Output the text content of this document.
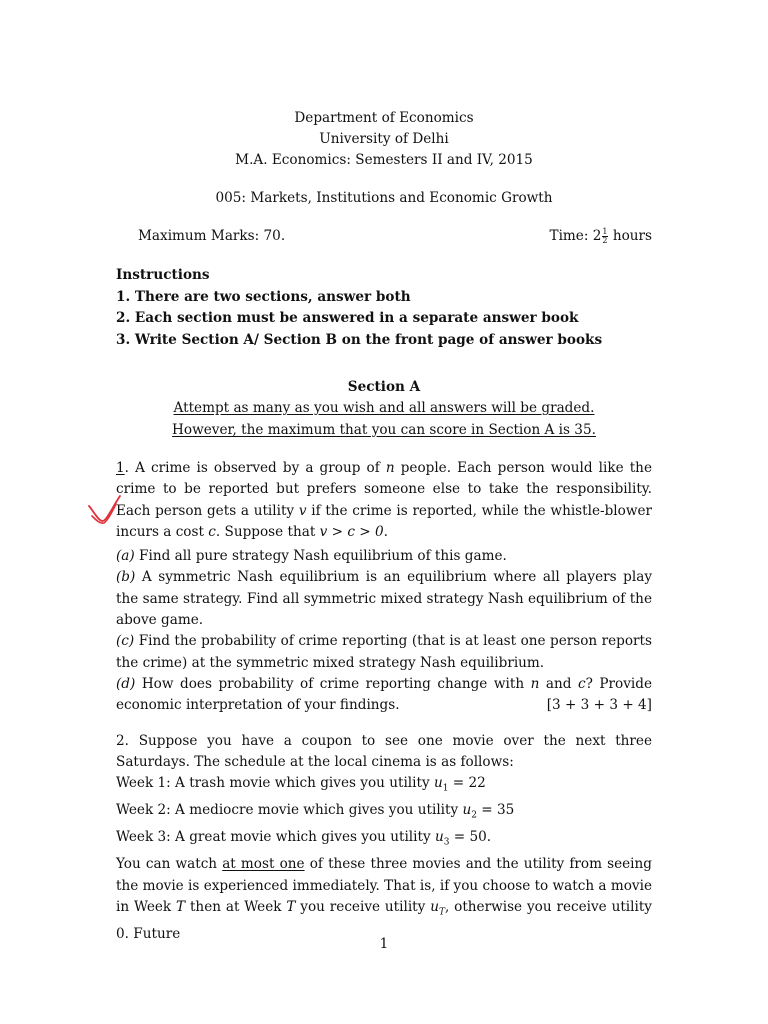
Department of Economics
University of Delhi
M.A. Economics: Semesters II and IV, 2015
005: Markets, Institutions and Economic Growth
Maximum Marks: 70.	Time: $2 \frac{1}{2}$ hours
Instructions
1. There are two sections, answer both
2. Each section must be answered in a separate answer book
3. Write Section A/ Section B on the front page of answer books
Section A
Attempt as many as you wish and all answers will be graded.
However, the maximum that you can score in Section A is 35.
1. A crime is observed by a group of n people. Each person would like the crime to be reported but prefers someone else to take the responsibility. Each person gets a utility v if the crime is reported, while the whistle-blower incurs a cost c. Suppose that v > c > 0.
(a) Find all pure strategy Nash equilibrium of this game.
(b) A symmetric Nash equilibrium is an equilibrium where all players play the same strategy. Find all symmetric mixed strategy Nash equilibrium of the above game.
(c) Find the probability of crime reporting (that is at least one person reports the crime) at the symmetric mixed strategy Nash equilibrium.
(d) How does probability of crime reporting change with n and c? Provide economic interpretation of your findings.	[3 + 3 + 3 + 4]
2. Suppose you have a coupon to see one movie over the next three Saturdays. The schedule at the local cinema is as follows:
Week 1: A trash movie which gives you utility $u_1 = 22$
Week 2: A mediocre movie which gives you utility $u_2 = 35$
Week 3: A great movie which gives you utility $u_3 = 50$.
You can watch at most one of these three movies and the utility from seeing the movie is experienced immediately. That is, if you choose to watch a movie in Week T then at Week T you receive utility $u_T$, otherwise you receive utility 0. Future
1
